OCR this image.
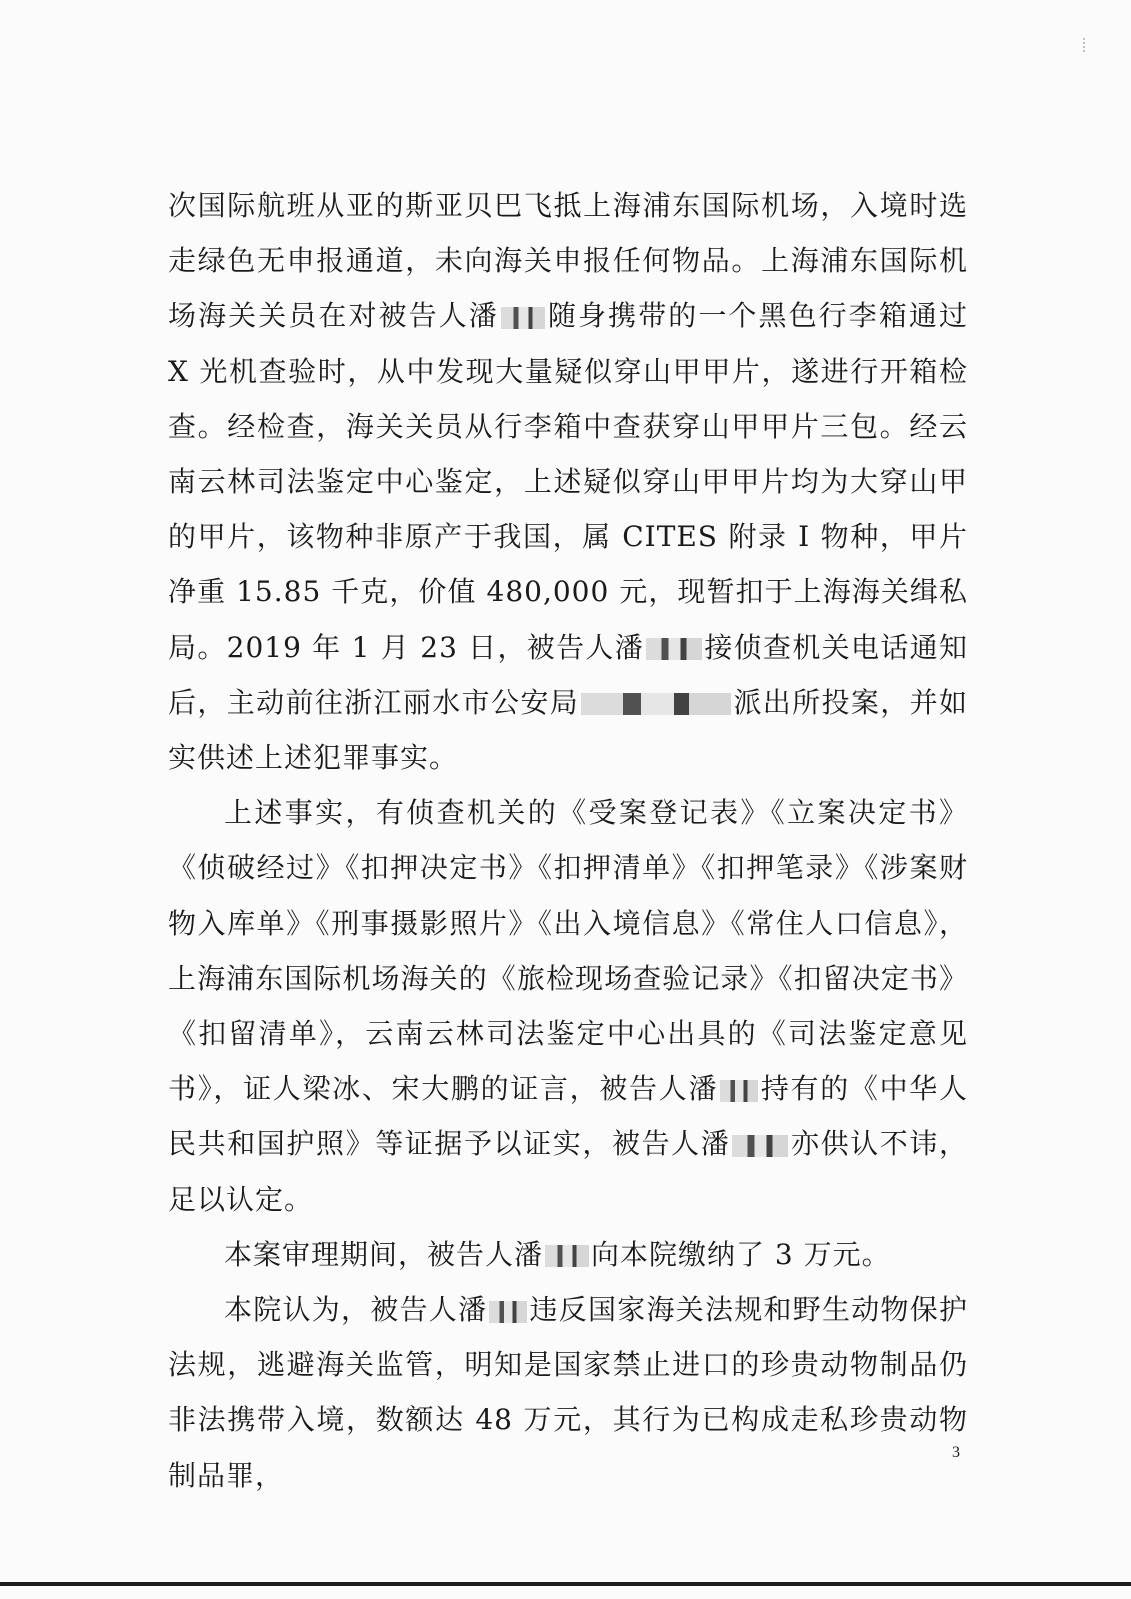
次国际航班从亚的斯亚贝巴飞抵上海浦东国际机场，入境时选走绿色无申报通道，未向海关申报任何物品。上海浦东国际机场海关关员在对被告人潘 随身携带的一个黑色行李箱通过 X 光机查验时，从中发现大量疑似穿山甲甲片，遂进行开箱检查。经检查，海关关员从行李箱中查获穿山甲甲片三包。经云南云林司法鉴定中心鉴定，上述疑似穿山甲甲片均为大穿山甲的甲片，该物种非原产于我国，属 CITES 附录 I 物种，甲片净重 15.85 千克，价值 480,000 元，现暂扣于上海海关缉私局。2019 年 1 月 23 日，被告人潘 接侦查机关电话通知后，主动前往浙江丽水市公安局	派出所投案，并如实供述上述犯罪事实。

上述事实，有侦查机关的《受案登记表》《立案决定书》《侦破经过》《扣押决定书》《扣押清单》《扣押笔录》《涉案财物入库单》《刑事摄影照片》《出入境信息》《常住人口信息》，上海浦东国际机场海关的《旅检现场查验记录》《扣留决定书》《扣留清单》，云南云林司法鉴定中心出具的《司法鉴定意见书》，证人梁冰、宋大鹏的证言，被告人潘 持有的《中华人民共和国护照》等证据予以证实，被告人潘 亦供认不讳，足以认定。

本案审理期间，被告人潘 向本院缴纳了 3 万元。

本院认为，被告人潘 违反国家海关法规和野生动物保护法规，逃避海关监管，明知是国家禁止进口的珍贵动物制品仍非法携带入境，数额达 48 万元，其行为已构成走私珍贵动物制品罪，

3
